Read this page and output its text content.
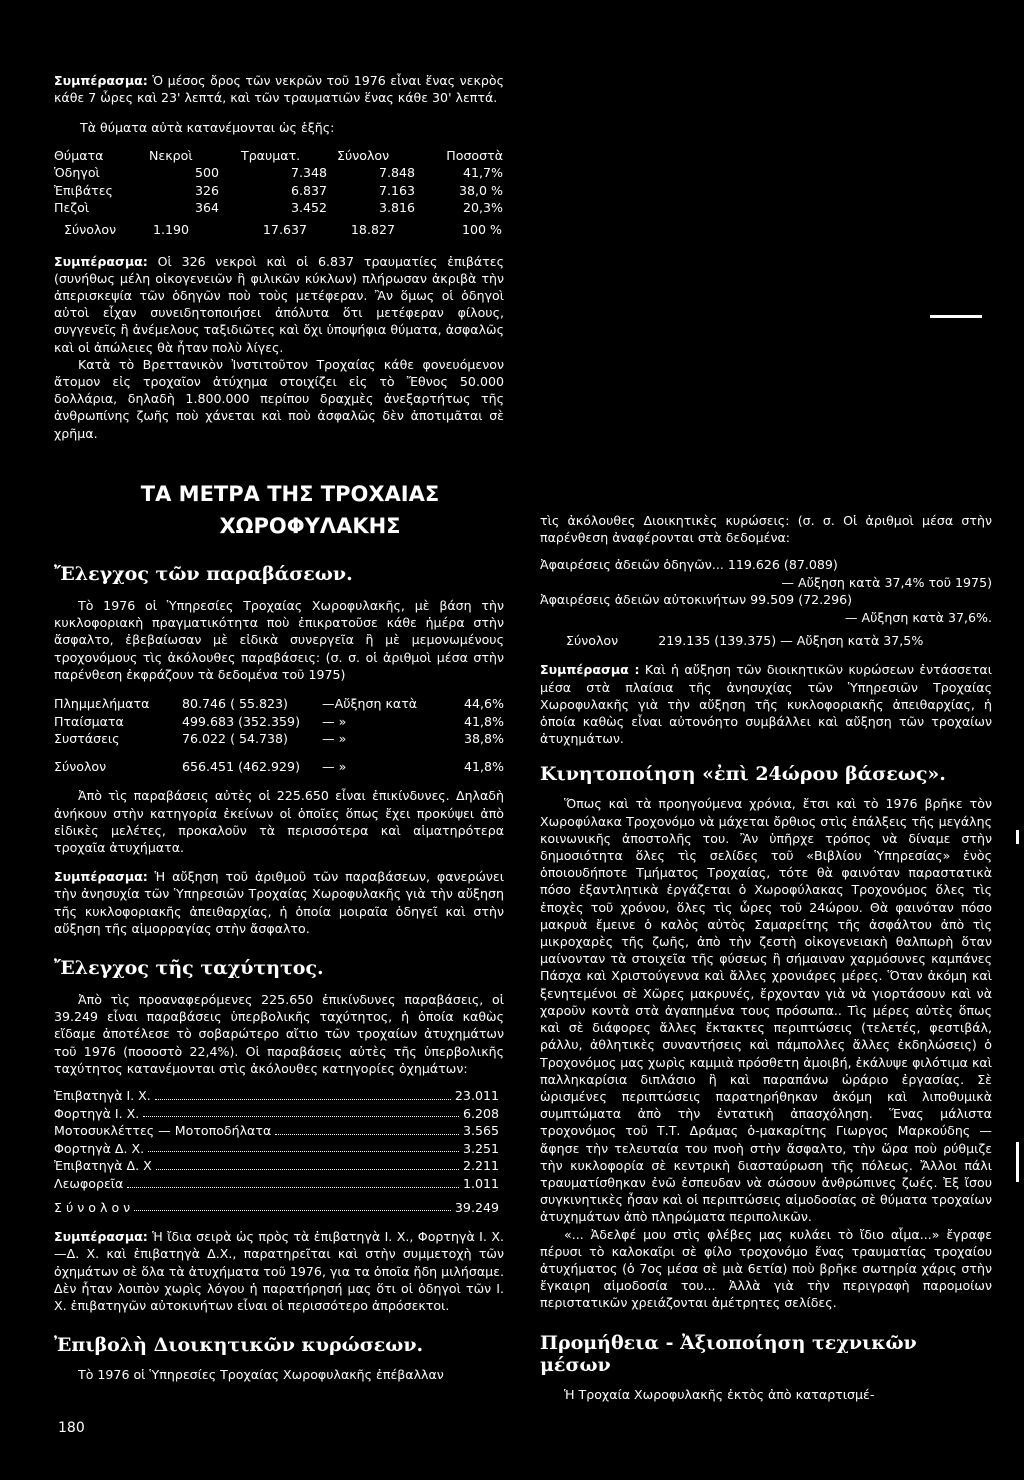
Συμπέρασμα: Ὁ μέσος ὄρος τῶν νεκρῶν τοῦ 1976 εἶναι ἕνας νεκρὸς κάθε 7 ὧρες καὶ 23' λεπτά, καὶ τῶν τραυματιῶν ἕνας κάθε 30' λεπτά.

Τὰ θύματα αὐτὰ κατανέμονται ὡς ἑξῆς:

Θύματα	Νεκροὶ	Τραυματ.	Σύνολον	Ποσοστὰ
Ὁδηγοὶ	500	7.348	7.848	41,7%
Ἐπιβάτες	326	6.837	7.163	38,0 %
Πεζοὶ	364	3.452	3.816	20,3%
Σύνολον	1.190	17.637	18.827	100 %

Συμπέρασμα: Οἱ 326 νεκροὶ καὶ οἱ 6.837 τραυματίες ἐπιβάτες (συνήθως μέλη οἰκογενειῶν ἢ φιλικῶν κύκλων) πλήρωσαν ἀκριβὰ τὴν ἀπερισκεψία τῶν ὁδηγῶν ποὺ τοὺς μετέφεραν. Ἂν ὅμως οἱ ὁδηγοὶ αὐτοὶ εἶχαν συνειδητοποιήσει ἀπόλυτα ὅτι μετέφεραν φίλους, συγγενεῖς ἢ ἀνέμελους ταξιδιῶτες καὶ ὄχι ὑποψήφια θύματα, ἀσφαλῶς καὶ οἱ ἀπώλειες θὰ ἦταν πολὺ λίγες.

Κατὰ τὸ Βρεττανικὸν Ἰνστιτοῦτον Τροχαίας κάθε φονευόμενον ἄτομον εἰς τροχαῖον ἀτύχημα στοιχίζει εἰς τὸ Ἔθνος 50.000 δολλάρια, δηλαδὴ 1.800.000 περίπου δραχμὲς ἀνεξαρτήτως τῆς ἀνθρωπίνης ζωῆς ποὺ χάνεται καὶ ποὺ ἀσφαλῶς δὲν ἀποτιμᾶται σὲ χρῆμα.

ΤΑ ΜΕΤΡΑ ΤΗΣ ΤΡΟΧΑΙΑΣ
ΧΩΡΟΦΥΛΑΚΗΣ
Ἔλεγχος τῶν παραβάσεων.

Τὸ 1976 οἱ Ὑπηρεσίες Τροχαίας Χωροφυλακῆς, μὲ βάση τὴν κυκλοφοριακὴ πραγματικότητα ποὺ ἐπικρατοῦσε κάθε ἡμέρα στὴν ἄσφαλτο, ἐβεβαίωσαν μὲ εἰδικὰ συνεργεῖα ἢ μὲ μεμονωμένους τροχονόμους τὶς ἀκόλουθες παραβάσεις: (σ. σ. οἱ ἀριθμοὶ μέσα στὴν παρένθεση ἐκφράζουν τὰ δεδομένα τοῦ 1975)

Πλημμελήματα	80.746 ( 55.823)	—Αὔξηση κατὰ	44,6%
Πταίσματα	499.683 (352.359)	— »	41,8%
Συστάσεις	76.022 ( 54.738)	— »	38,8%
Σύνολον	656.451 (462.929)	— »	41,8%

Ἀπὸ τὶς παραβάσεις αὐτὲς οἱ 225.650 εἶναι ἐπικίνδυνες. Δηλαδὴ ἀνήκουν στὴν κατηγορία ἐκείνων οἱ ὁποῖες ὅπως ἔχει προκύψει ἀπὸ εἰδικὲς μελέτες, προκαλοῦν τὰ περισσότερα καὶ αἱματηρότερα τροχαῖα ἀτυχήματα.

Συμπέρασμα: Ἡ αὔξηση τοῦ ἀριθμοῦ τῶν παραβάσεων, φανερώνει τὴν ἀνησυχία τῶν Ὑπηρεσιῶν Τροχαίας Χωροφυλακῆς γιὰ τὴν αὔξηση τῆς κυκλοφοριακῆς ἀπειθαρχίας, ἡ ὁποία μοιραῖα ὁδηγεῖ καὶ στὴν αὔξηση τῆς αἱμορραγίας στὴν ἄσφαλτο.

Ἔλεγχος τῆς ταχύτητος.

Ἀπὸ τὶς προαναφερόμενες 225.650 ἐπικίνδυνες παραβάσεις, οἱ 39.249 εἶναι παραβάσεις ὑπερβολικῆς ταχύτητος, ἡ ὁποία καθὼς εἴδαμε ἀποτέλεσε τὸ σοβαρώτερο αἴτιο τῶν τροχαίων ἀτυχημάτων τοῦ 1976 (ποσοστὸ 22,4%). Οἱ παραβάσεις αὐτὲς τῆς ὑπερβολικῆς ταχύτητος κατανέμονται στὶς ἀκόλουθες κατηγορίες ὀχημάτων:

Ἐπιβατηγὰ Ι. Χ.	23.011
Φορτηγὰ Ι. Χ.	6.208
Μοτοσυκλέττες — Μοτοποδήλατα	3.565
Φορτηγὰ Δ. Χ.	3.251
Ἐπιβατηγὰ Δ. Χ	2.211
Λεωφορεῖα	1.011
Σ ύ ν ο λ ο ν	39.249

Συμπέρασμα: Ἡ ἴδια σειρὰ ὡς πρὸς τὰ ἐπιβατηγὰ Ι. Χ., Φορτηγὰ Ι. Χ. —Δ. Χ. καὶ ἐπιβατηγὰ Δ.Χ., παρατηρεῖται καὶ στὴν συμμετοχὴ τῶν ὀχημάτων σὲ ὅλα τὰ ἀτυχήματα τοῦ 1976, για τα ὁποῖα ἤδη μιλήσαμε. Δὲν ἦταν λοιπὸν χωρὶς λόγου ἡ παρατήρησή μας ὅτι οἱ ὁδηγοὶ τῶν Ι. Χ. ἐπιβατηγῶν αὐτοκινήτων εἶναι οἱ περισσότερο ἀπρόσεκτοι.

Ἐπιβολὴ Διοικητικῶν κυρώσεων.

Τὸ 1976 οἱ Ὑπηρεσίες Τροχαίας Χωροφυλακῆς ἐπέβαλλαν

180

τὶς ἀκόλουθες Διοικητικὲς κυρώσεις: (σ. σ. Οἱ ἀριθμοὶ μέσα στὴν παρένθεση ἀναφέρονται στὰ δεδομένα:

Ἀφαιρέσεις ἀδειῶν ὁδηγῶν... 119.626 (87.089)
— Αὔξηση κατὰ 37,4% τοῦ 1975)
Ἀφαιρέσεις ἀδειῶν αὐτοκινήτων 99.509 (72.296)
— Αὔξηση κατὰ 37,6%.
Σύνολον          219.135 (139.375) — Αὔξηση κατὰ 37,5%

Συμπέρασμα : Καὶ ἡ αὔξηση τῶν διοικητικῶν κυρώσεων ἐντάσσεται μέσα στὰ πλαίσια τῆς ἀνησυχίας τῶν Ὑπηρεσιῶν Τροχαίας Χωροφυλακῆς γιὰ τὴν αὔξηση τῆς κυκλοφοριακῆς ἀπειθαρχίας, ἡ ὁποία καθὼς εἶναι αὐτονόητο συμβάλλει καὶ αὔξηση τῶν τροχαίων ἀτυχημάτων.

Κινητοποίηση «ἐπὶ 24ώρου βάσεως».

Ὅπως καὶ τὰ προηγούμενα χρόνια, ἔτσι καὶ τὸ 1976 βρῆκε τὸν Χωροφύλακα Τροχονόμο νὰ μάχεται ὄρθιος στὶς ἐπάλξεις τῆς μεγάλης κοινωνικῆς ἀποστολῆς του. Ἂν ὑπῆρχε τρόπος νὰ δίναμε στὴν δημοσιότητα ὅλες τὶς σελίδες τοῦ «Βιβλίου Ὑπηρεσίας» ἑνὸς ὁποιουδήποτε Τμήματος Τροχαίας, τότε θὰ φαινόταν παραστατικὰ πόσο ἐξαντλητικὰ ἐργάζεται ὁ Χωροφύλακας Τροχονόμος ὅλες τὶς ἐποχὲς τοῦ χρόνου, ὅλες τὶς ὧρες τοῦ 24ώρου. Θὰ φαινόταν πόσο μακρυὰ ἔμεινε ὁ καλὸς αὐτὸς Σαμαρείτης τῆς ἀσφάλτου ἀπὸ τὶς μικροχαρὲς τῆς ζωῆς, ἀπὸ τὴν ζεστὴ οἰκογενειακὴ θαλπωρὴ ὅταν μαίνονταν τὰ στοιχεῖα τῆς φύσεως ἢ σήμαιναν χαρμόσυνες καμπάνες Πάσχα καὶ Χριστούγεννα καὶ ἄλλες χρονιάρες μέρες. Ὅταν ἀκόμη καὶ ξενητεμένοι σὲ Χῶρες μακρυνές, ἔρχονταν γιὰ νὰ γιορτάσουν καὶ νὰ χαροῦν κοντὰ στὰ ἀγαπημένα τους πρόσωπα.. Τὶς μέρες αὐτὲς ὅπως καὶ σὲ διάφορες ἄλλες ἔκτακτες περιπτώσεις (τελετές, φεστιβάλ, ράλλυ, ἀθλητικὲς συναντήσεις καὶ πάμπολλες ἄλλες ἐκδηλώσεις) ὁ Τροχονόμος μας χωρὶς καμμιὰ πρόσθετη ἀμοιβή, ἐκάλυψε φιλότιμα καὶ παλληκαρίσια διπλάσιο ἢ καὶ παραπάνω ὡράριο ἐργασίας. Σὲ ὡρισμένες περιπτώσεις παρατηρήθηκαν ἀκόμη καὶ λιποθυμικὰ συμπτώματα ἀπὸ τὴν ἐντατικὴ ἀπασχόληση. Ἕνας μάλιστα τροχονόμος τοῦ Τ.Τ. Δράμας ὁ-μακαρίτης Γιωργος Μαρκούδης —ἄφησε τὴν τελευταία του πνοὴ στὴν ἄσφαλτο, τὴν ὥρα ποὺ ρύθμιζε τὴν κυκλοφορία σὲ κεντρικὴ διασταύρωση τῆς πόλεως. Ἄλλοι πάλι τραυματίσθηκαν ἐνῶ ἐσπευδαν νὰ σώσουν ἀνθρώπινες ζωές. Ἐξ ἴσου συγκινητικὲς ἦσαν καὶ οἱ περιπτώσεις αἱμοδοσίας σὲ θύματα τροχαίων ἀτυχημάτων ἀπὸ πληρώματα περιπολικῶν.

«... Ἀδελφέ μου στὶς φλέβες μας κυλάει τὸ ἴδιο αἷμα...» ἔγραφε πέρυσι τὸ καλοκαῖρι σὲ φίλο τροχονόμο ἕνας τραυματίας τροχαίου ἀτυχήματος (ὁ 7ος μέσα σὲ μιὰ 6ετία) ποὺ βρῆκε σωτηρία χάρις στὴν ἔγκαιρη αἱμοδοσία του... Ἀλλὰ γιὰ τὴν περιγραφὴ παρομοίων περιστατικῶν χρειάζονται ἀμέτρητες σελίδες.

Προμήθεια - Ἀξιοποίηση τεχνικῶν μέσων

Ἡ Τροχαία Χωροφυλακῆς ἐκτὸς ἀπὸ καταρτισμέ-
